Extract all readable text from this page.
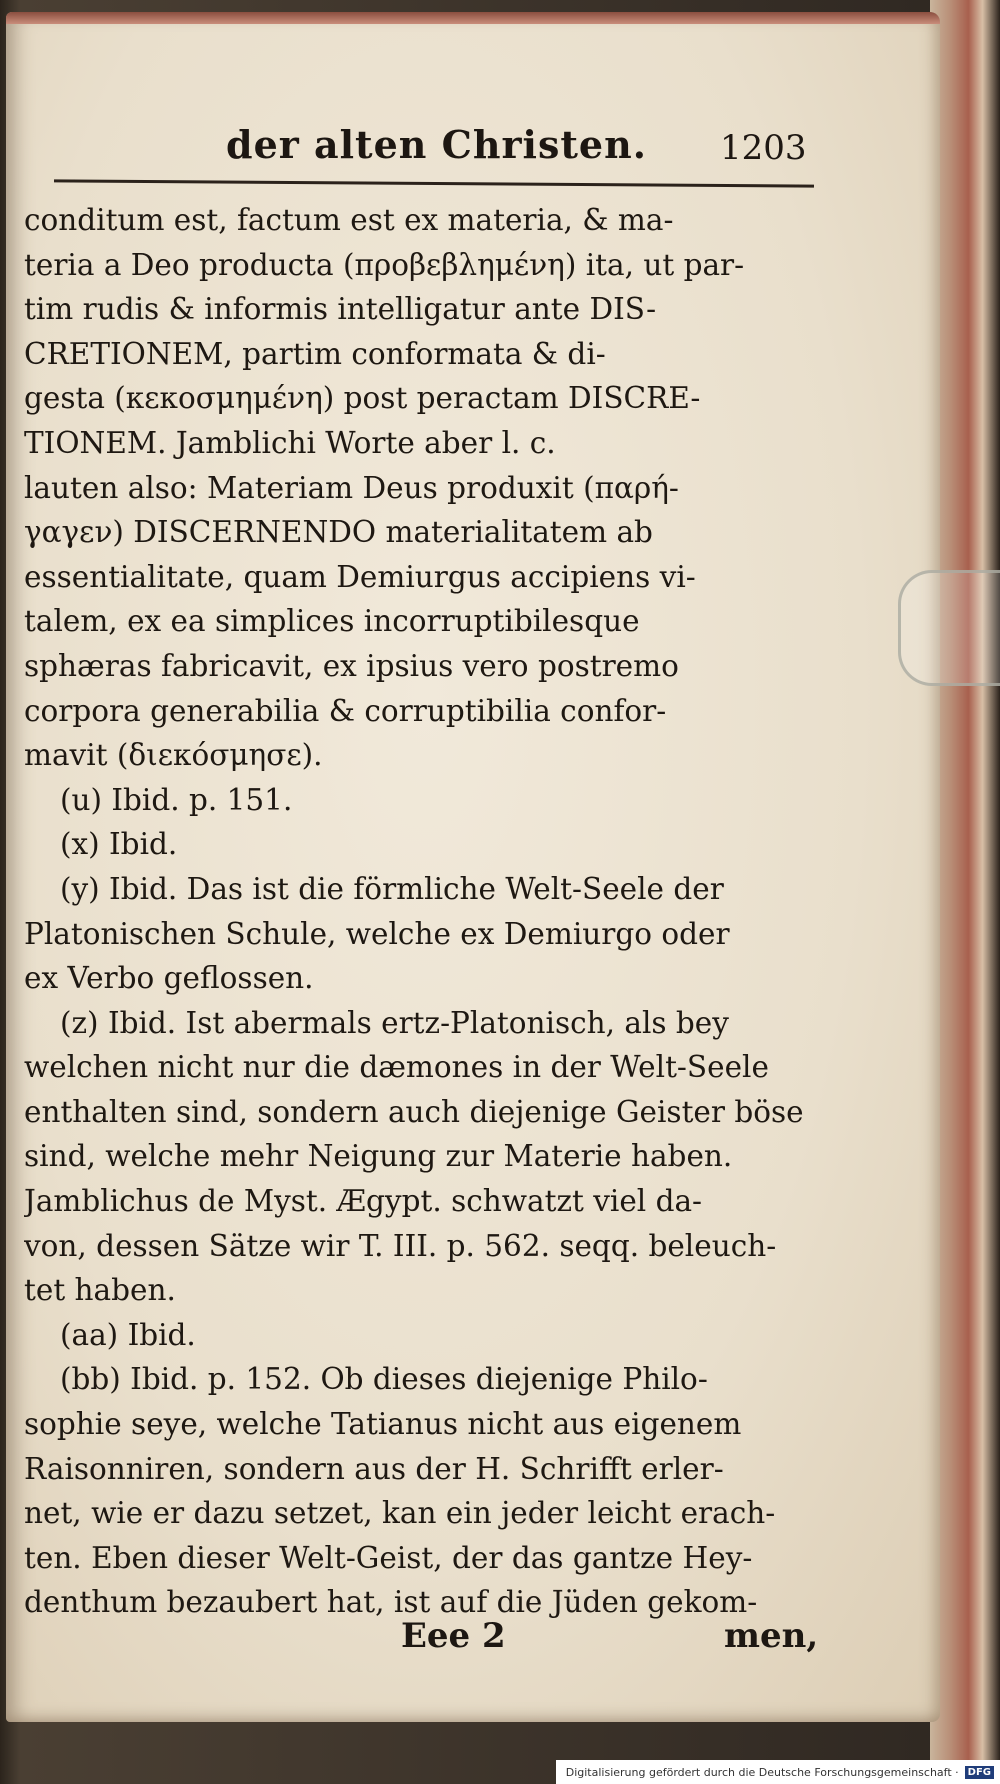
der alten Christen. 1203
conditum est, factum est ex materia, & ma-
teria a Deo producta (προβεβλημένη) ita, ut par-
tim rudis & informis intelligatur ante DIS-
CRETIONEM, partim conformata & di-
gesta (κεκοσμημένη) post peractam DISCRE-
TIONEM. Jamblichi Worte aber l. c.
lauten also: Materiam Deus produxit (παρή-
γαγεν) DISCERNENDO materialitatem ab
essentialitate, quam Demiurgus accipiens vi-
talem, ex ea simplices incorruptibilesque
sphæras fabricavit, ex ipsius vero postremo
corpora generabilia & corruptibilia confor-
mavit (διεκόσμησε).
(u) Ibid. p. 151.
(x) Ibid.
(y) Ibid. Das ist die förmliche Welt-Seele der
Platonischen Schule, welche ex Demiurgo oder
ex Verbo geflossen.
(z) Ibid. Ist abermals ertz-Platonisch, als bey
welchen nicht nur die dæmones in der Welt-Seele
enthalten sind, sondern auch diejenige Geister böse
sind, welche mehr Neigung zur Materie haben.
Jamblichus de Myst. Ægypt. schwatzt viel da-
von, dessen Sätze wir T. III. p. 562. seqq. beleuch-
tet haben.
(aa) Ibid.
(bb) Ibid. p. 152. Ob dieses diejenige Philo-
sophie seye, welche Tatianus nicht aus eigenem
Raisonniren, sondern aus der H. Schrifft erler-
net, wie er dazu setzet, kan ein jeder leicht erach-
ten. Eben dieser Welt-Geist, der das gantze Hey-
denthum bezaubert hat, ist auf die Jüden gekom-
Eee 2	men,
Digitalisierung gefördert durch die Deutsche Forschungsgemeinschaft · DFG
